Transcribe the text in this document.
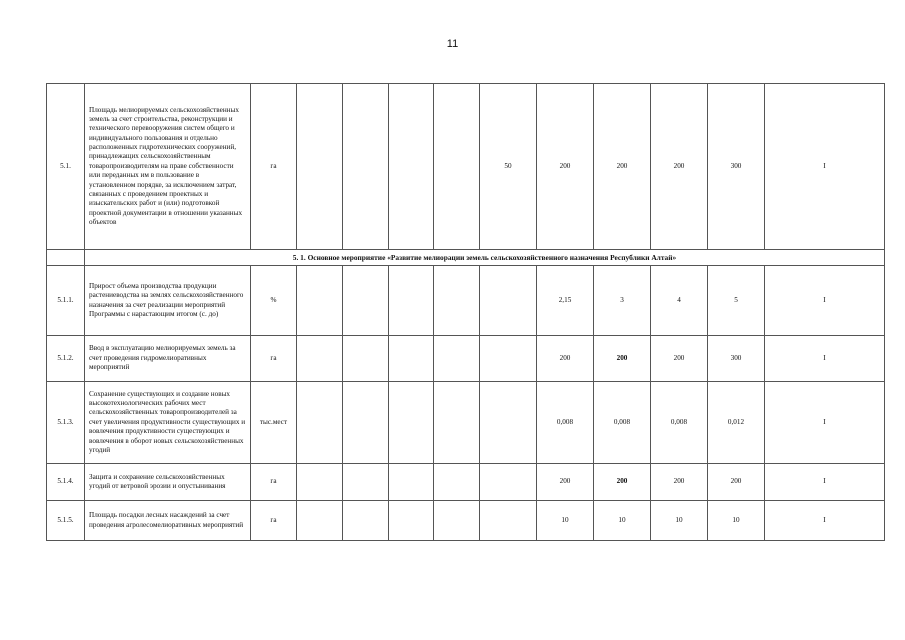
11
5.1.	Площадь мелиорируемых сельскохозяйственных земель за счет строительства, реконструкции и технического перевооружения систем общего и индивидуального пользования и отдельно расположенных гидротехнических сооружений, принадлежащих сельскохозяйственным товаропроизводителям на праве собственности или переданных им в пользование в установленном порядке, за исключением затрат, связанных с проведением проектных и изыскательских работ и (или) подготовкой проектной документации в отношении указанных объектов	га					50	200	200	200	300	I
	5. 1. Основное мероприятие «Развитие мелиорации земель сельскохозяйственного назначения Республики Алтай»											
5.1.1.	Прирост объема производства продукции растениеводства на землях сельскохозяйственного назначения за счет реализации мероприятий Программы с нарастающим итогом (c. до)	%						2,15	3	4	5	I
5.1.2.	Ввод в эксплуатацию мелиорируемых земель за счет проведения гидромелиоративных мероприятий	га						200	200	200	300	I
5.1.3.	Сохранение существующих и создание новых высокотехнологических рабочих мест сельскохозяйственных товаропроизводителей за счет увеличения продуктивности существующих и вовлечения продуктивности существующих и вовлечения в оборот новых сельскохозяйственных угодий	тыс.мест						0,008	0,008	0,008	0,012	I
5.1.4.	Защита и сохранение сельскохозяйственных угодий от ветровой эрозии и опустынивания	га						200	200	200	200	I
5.1.5.	Площадь посадки лесных насаждений за счет проведения агролесомелиоративных мероприятий	га						10	10	10	10	I
